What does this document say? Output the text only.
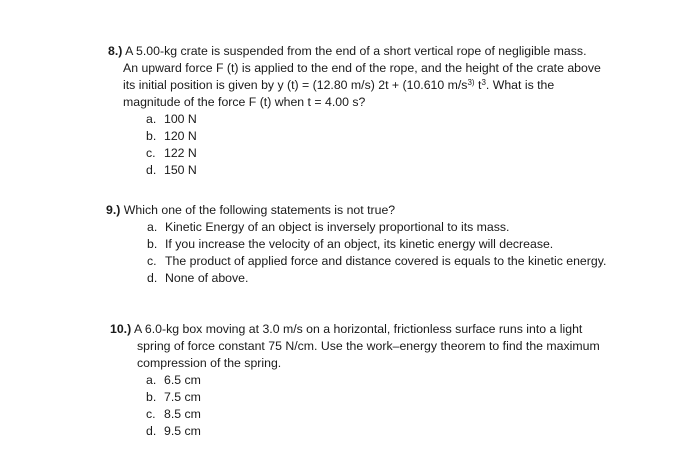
8.) A 5.00-kg crate is suspended from the end of a short vertical rope of negligible mass.
An upward force F (t) is applied to the end of the rope, and the height of the crate above
its initial position is given by y (t) = (12.80 m/s) 2t + (10.610 $m/s^{3)}$ $t^3$. What is the
magnitude of the force F (t) when t = 4.00 s?
a. 100 N
b. 120 N
c. 122 N
d. 150 N
9.) Which one of the following statements is not true?
a. Kinetic Energy of an object is inversely proportional to its mass.
b. If you increase the velocity of an object, its kinetic energy will decrease.
c. The product of applied force and distance covered is equals to the kinetic energy.
d. None of above.
10.) A 6.0-kg box moving at 3.0 m/s on a horizontal, frictionless surface runs into a light
spring of force constant 75 N/cm. Use the work–energy theorem to find the maximum
compression of the spring.
a. 6.5 cm
b. 7.5 cm
c. 8.5 cm
d. 9.5 cm
